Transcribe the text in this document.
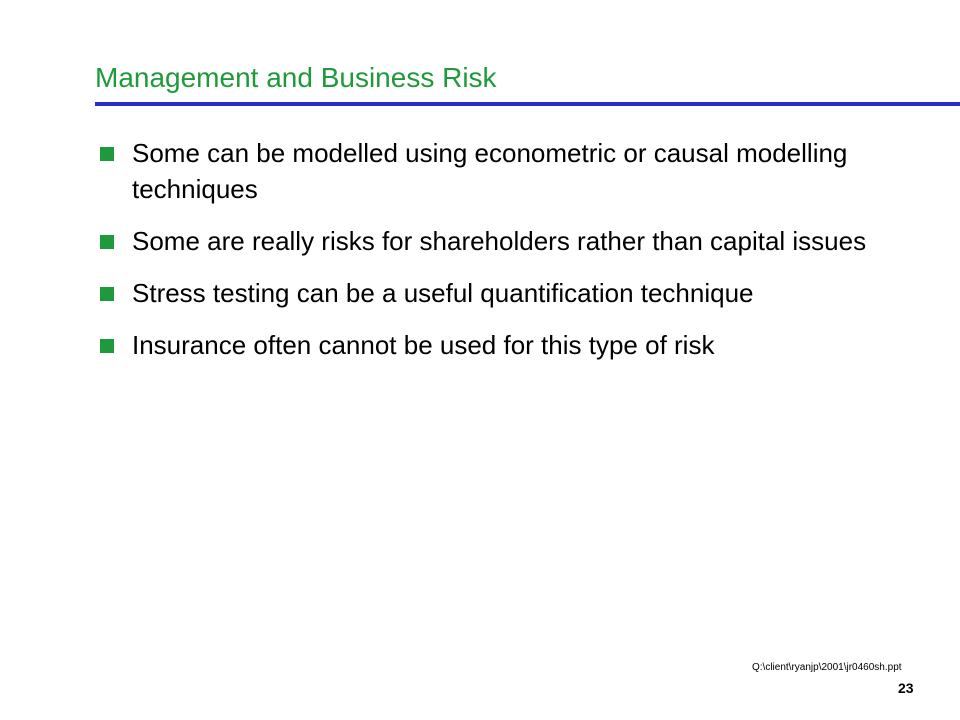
Management and Business Risk
Some can be modelled using econometric or causal modelling techniques
Some are really risks for shareholders rather than capital issues
Stress testing can be a useful quantification technique
Insurance often cannot be used for this type of risk
Q:\client\ryanjp\2001\jr0460sh.ppt
23
